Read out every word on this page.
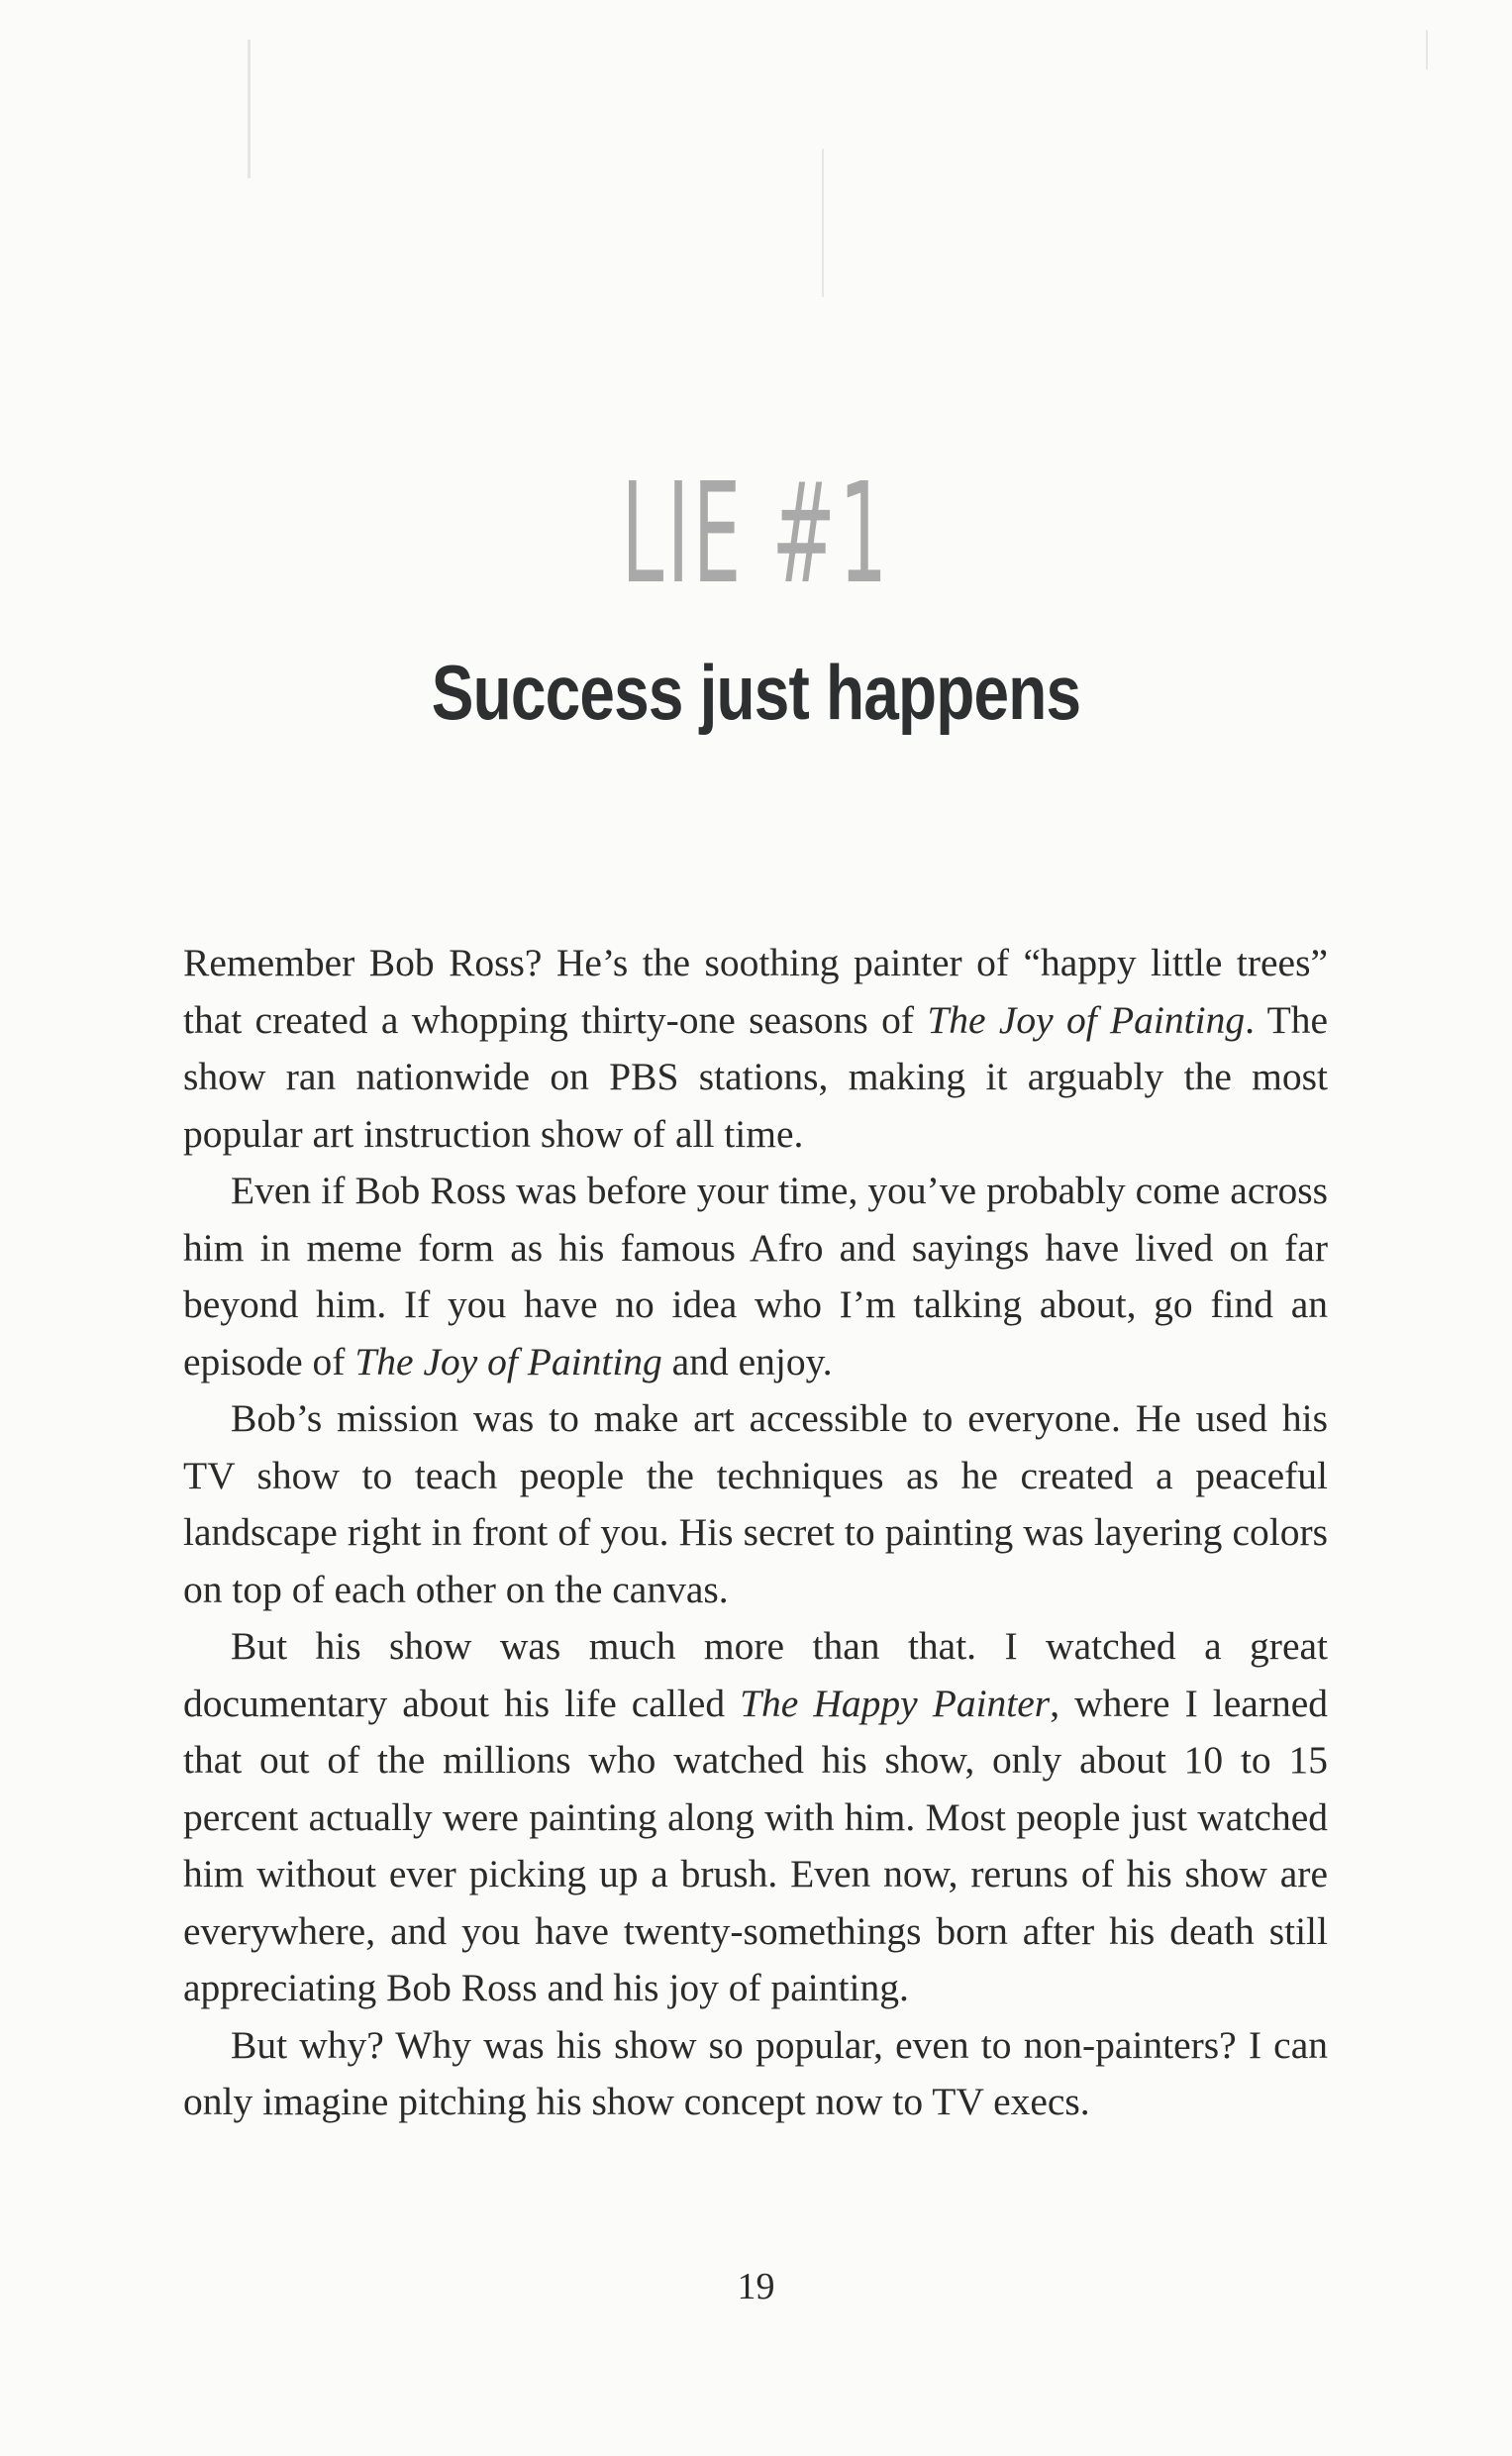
LIE #1
Success just happens

Remember Bob Ross? He’s the soothing painter of “happy little trees” that created a whopping thirty-one seasons of The Joy of Painting. The show ran nationwide on PBS stations, making it arguably the most popular art instruction show of all time.

Even if Bob Ross was before your time, you’ve probably come across him in meme form as his famous Afro and sayings have lived on far beyond him. If you have no idea who I’m talking about, go find an episode of The Joy of Painting and enjoy.

Bob’s mission was to make art accessible to everyone. He used his TV show to teach people the techniques as he created a peaceful landscape right in front of you. His secret to painting was layering colors on top of each other on the canvas.

But his show was much more than that. I watched a great documentary about his life called The Happy Painter, where I learned that out of the millions who watched his show, only about 10 to 15 percent actually were painting along with him. Most people just watched him without ever picking up a brush. Even now, reruns of his show are everywhere, and you have twenty-somethings born after his death still appreciating Bob Ross and his joy of painting.

But why? Why was his show so popular, even to non-painters? I can only imagine pitching his show concept now to TV execs.

19
